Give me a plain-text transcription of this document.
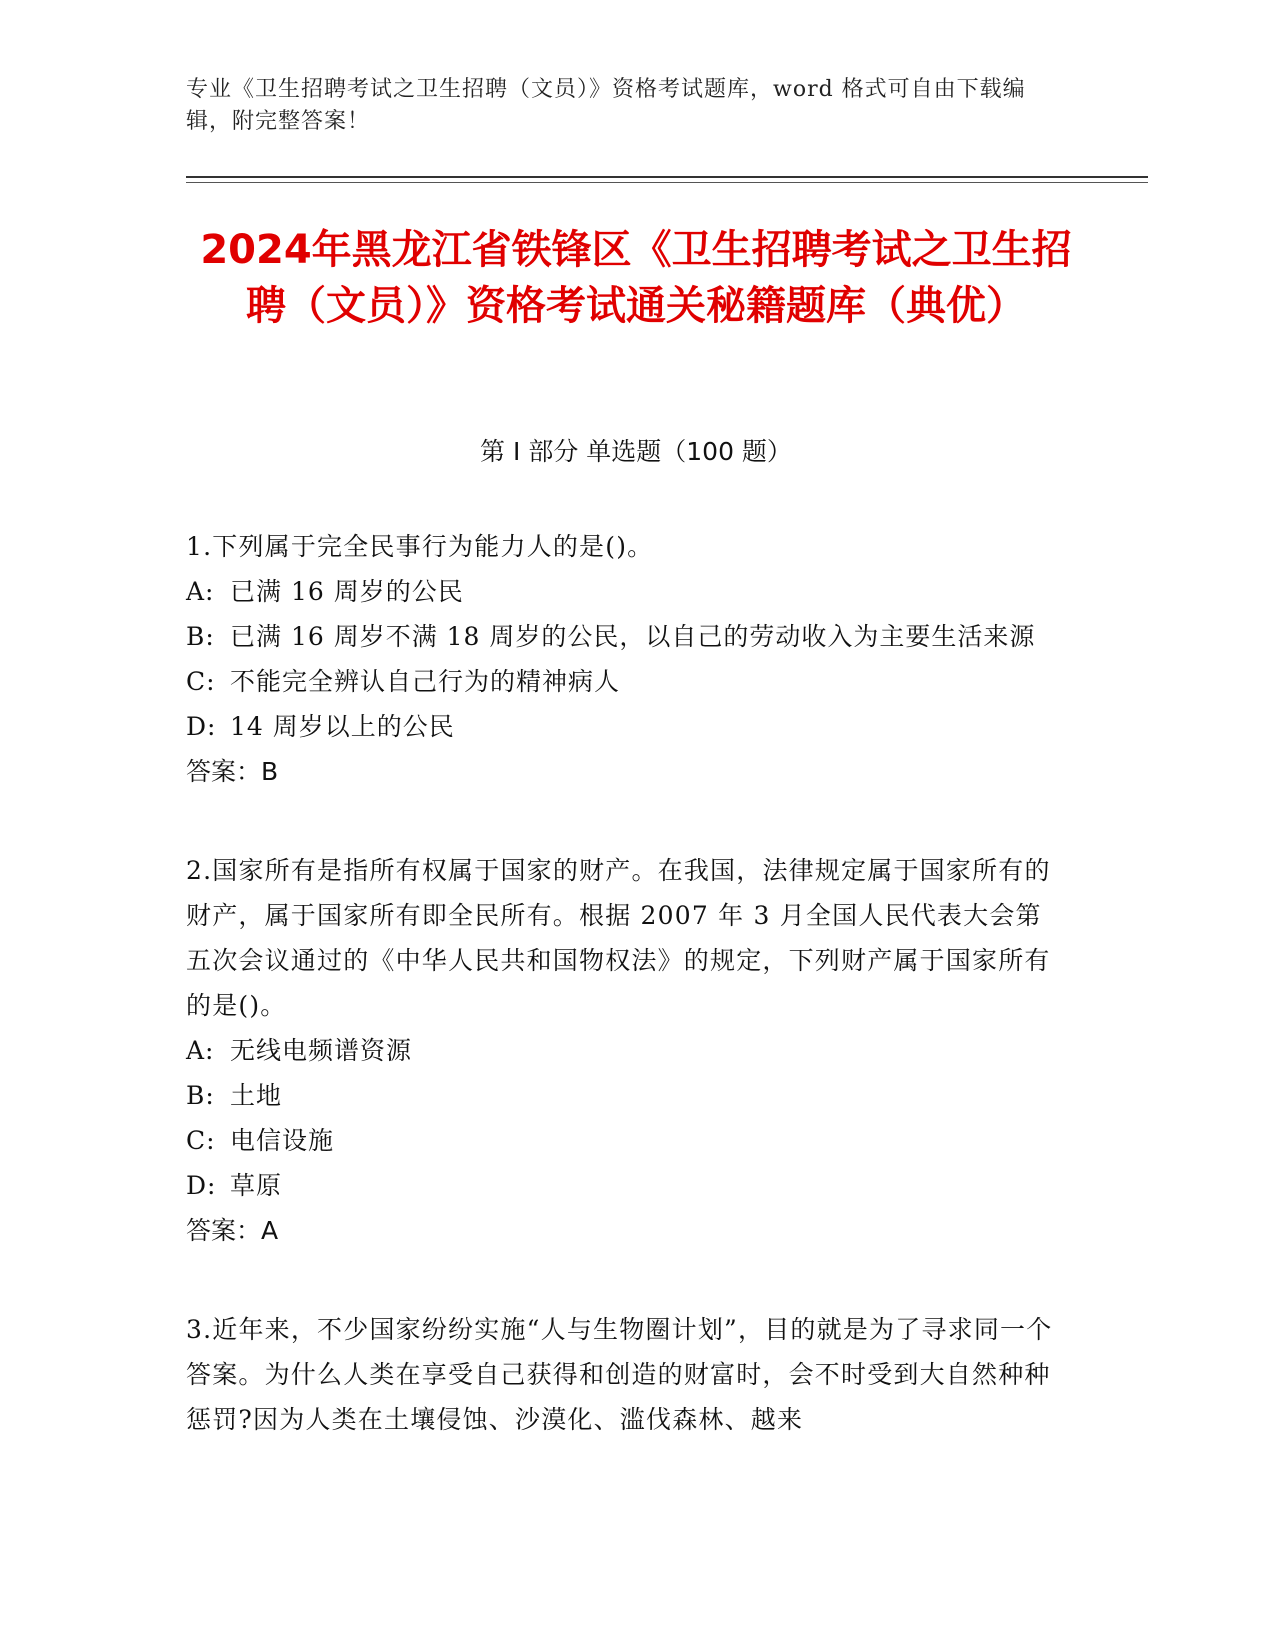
专业《卫生招聘考试之卫生招聘（文员）》资格考试题库，word 格式可自由下载编辑，附完整答案！
2024年黑龙江省铁锋区《卫生招聘考试之卫生招聘（文员）》资格考试通关秘籍题库（典优）
第 I 部分 单选题（100 题）
1.下列属于完全民事行为能力人的是()。
A: 已满 16 周岁的公民
B: 已满 16 周岁不满 18 周岁的公民，以自己的劳动收入为主要生活来源
C: 不能完全辨认自己行为的精神病人
D: 14 周岁以上的公民
答案：B
2.国家所有是指所有权属于国家的财产。在我国，法律规定属于国家所有的财产，属于国家所有即全民所有。根据 2007 年 3 月全国人民代表大会第五次会议通过的《中华人民共和国物权法》的规定，下列财产属于国家所有的是()。
A: 无线电频谱资源
B: 土地
C: 电信设施
D: 草原
答案：A
3.近年来，不少国家纷纷实施“人与生物圈计划”，目的就是为了寻求同一个答案。为什么人类在享受自己获得和创造的财富时，会不时受到大自然种种惩罚?因为人类在土壤侵蚀、沙漠化、滥伐森林、越来
